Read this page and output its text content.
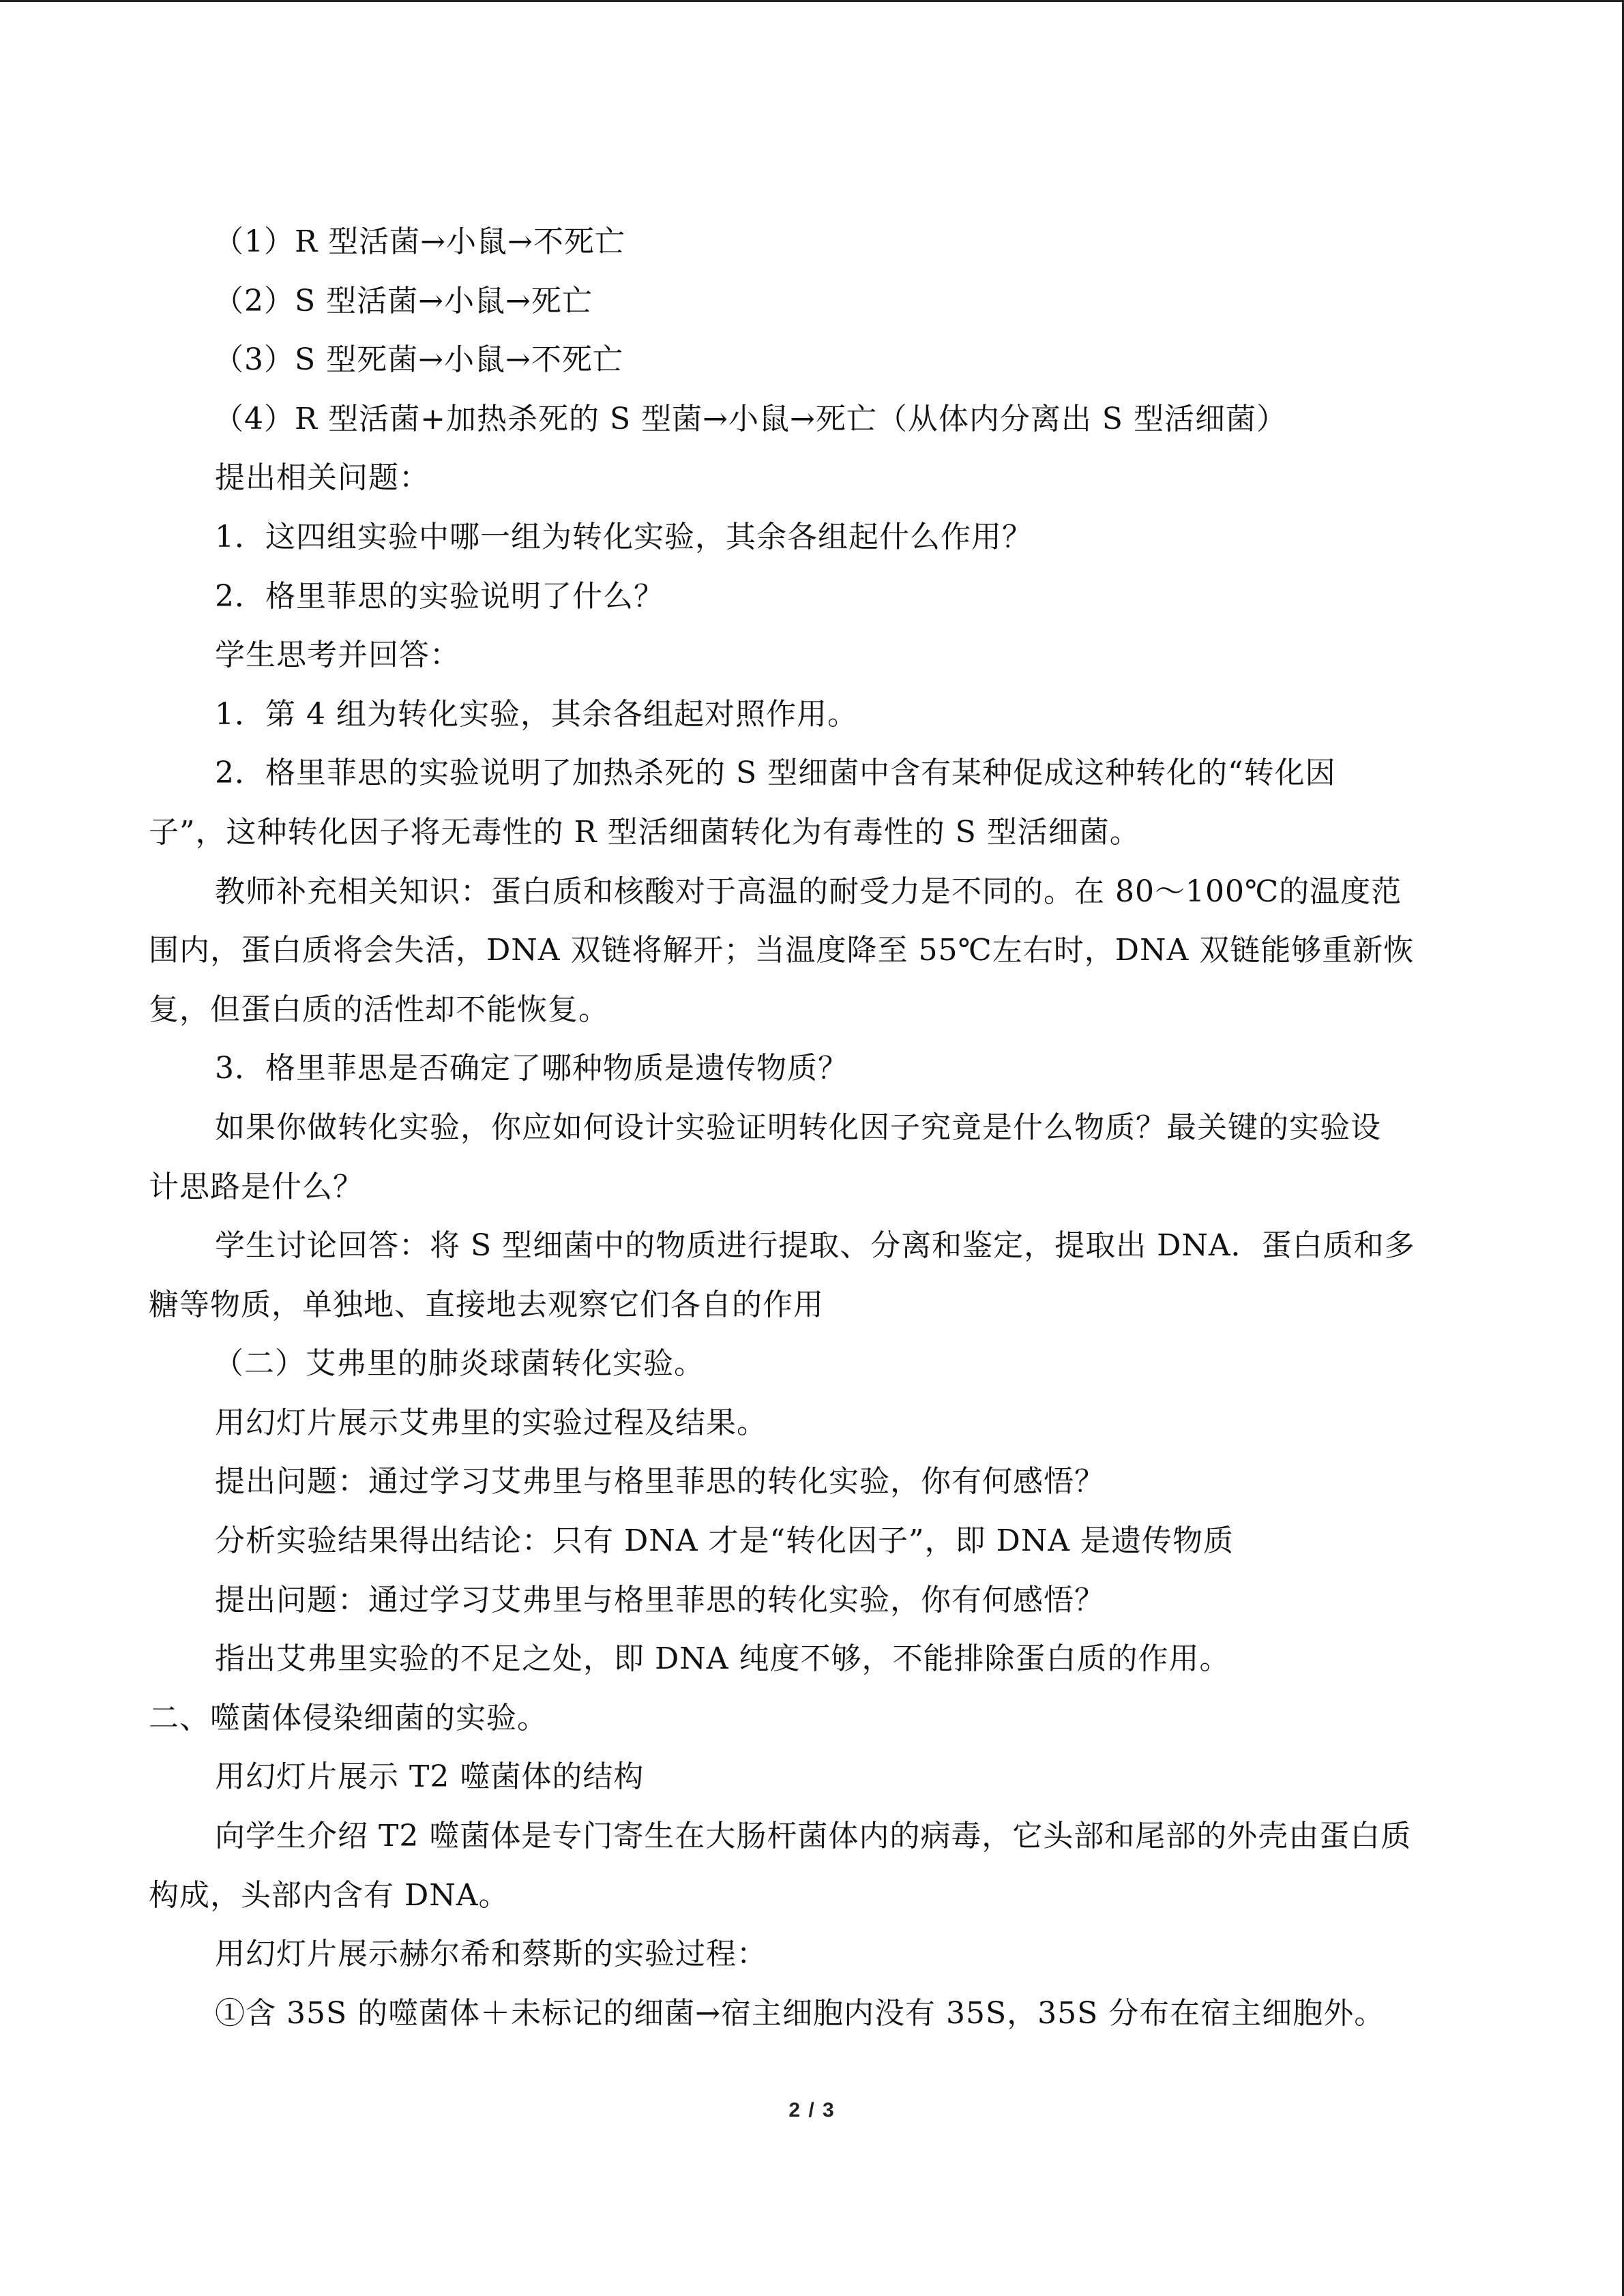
（1）R 型活菌→小鼠→不死亡
（2）S 型活菌→小鼠→死亡
（3）S 型死菌→小鼠→不死亡
（4）R 型活菌+加热杀死的 S 型菌→小鼠→死亡（从体内分离出 S 型活细菌）
提出相关问题：
1．这四组实验中哪一组为转化实验，其余各组起什么作用？
2．格里菲思的实验说明了什么？
学生思考并回答：
1．第 4 组为转化实验，其余各组起对照作用。
2．格里菲思的实验说明了加热杀死的 S 型细菌中含有某种促成这种转化的“转化因
子”，这种转化因子将无毒性的 R 型活细菌转化为有毒性的 S 型活细菌。
教师补充相关知识：蛋白质和核酸对于高温的耐受力是不同的。在 80～100℃的温度范
围内，蛋白质将会失活，DNA 双链将解开；当温度降至 55℃左右时，DNA 双链能够重新恢
复，但蛋白质的活性却不能恢复。
3．格里菲思是否确定了哪种物质是遗传物质？
如果你做转化实验，你应如何设计实验证明转化因子究竟是什么物质？最关键的实验设
计思路是什么？
学生讨论回答：将 S 型细菌中的物质进行提取、分离和鉴定，提取出 DNA．蛋白质和多
糖等物质，单独地、直接地去观察它们各自的作用
（二）艾弗里的肺炎球菌转化实验。
用幻灯片展示艾弗里的实验过程及结果。
提出问题：通过学习艾弗里与格里菲思的转化实验，你有何感悟？
分析实验结果得出结论：只有 DNA 才是“转化因子”，即 DNA 是遗传物质
提出问题：通过学习艾弗里与格里菲思的转化实验，你有何感悟？
指出艾弗里实验的不足之处，即 DNA 纯度不够，不能排除蛋白质的作用。
二、噬菌体侵染细菌的实验。
用幻灯片展示 T2 噬菌体的结构
向学生介绍 T2 噬菌体是专门寄生在大肠杆菌体内的病毒，它头部和尾部的外壳由蛋白质
构成，头部内含有 DNA。
用幻灯片展示赫尔希和蔡斯的实验过程：
①含 35S 的噬菌体＋未标记的细菌→宿主细胞内没有 35S，35S 分布在宿主细胞外。
2 / 3
